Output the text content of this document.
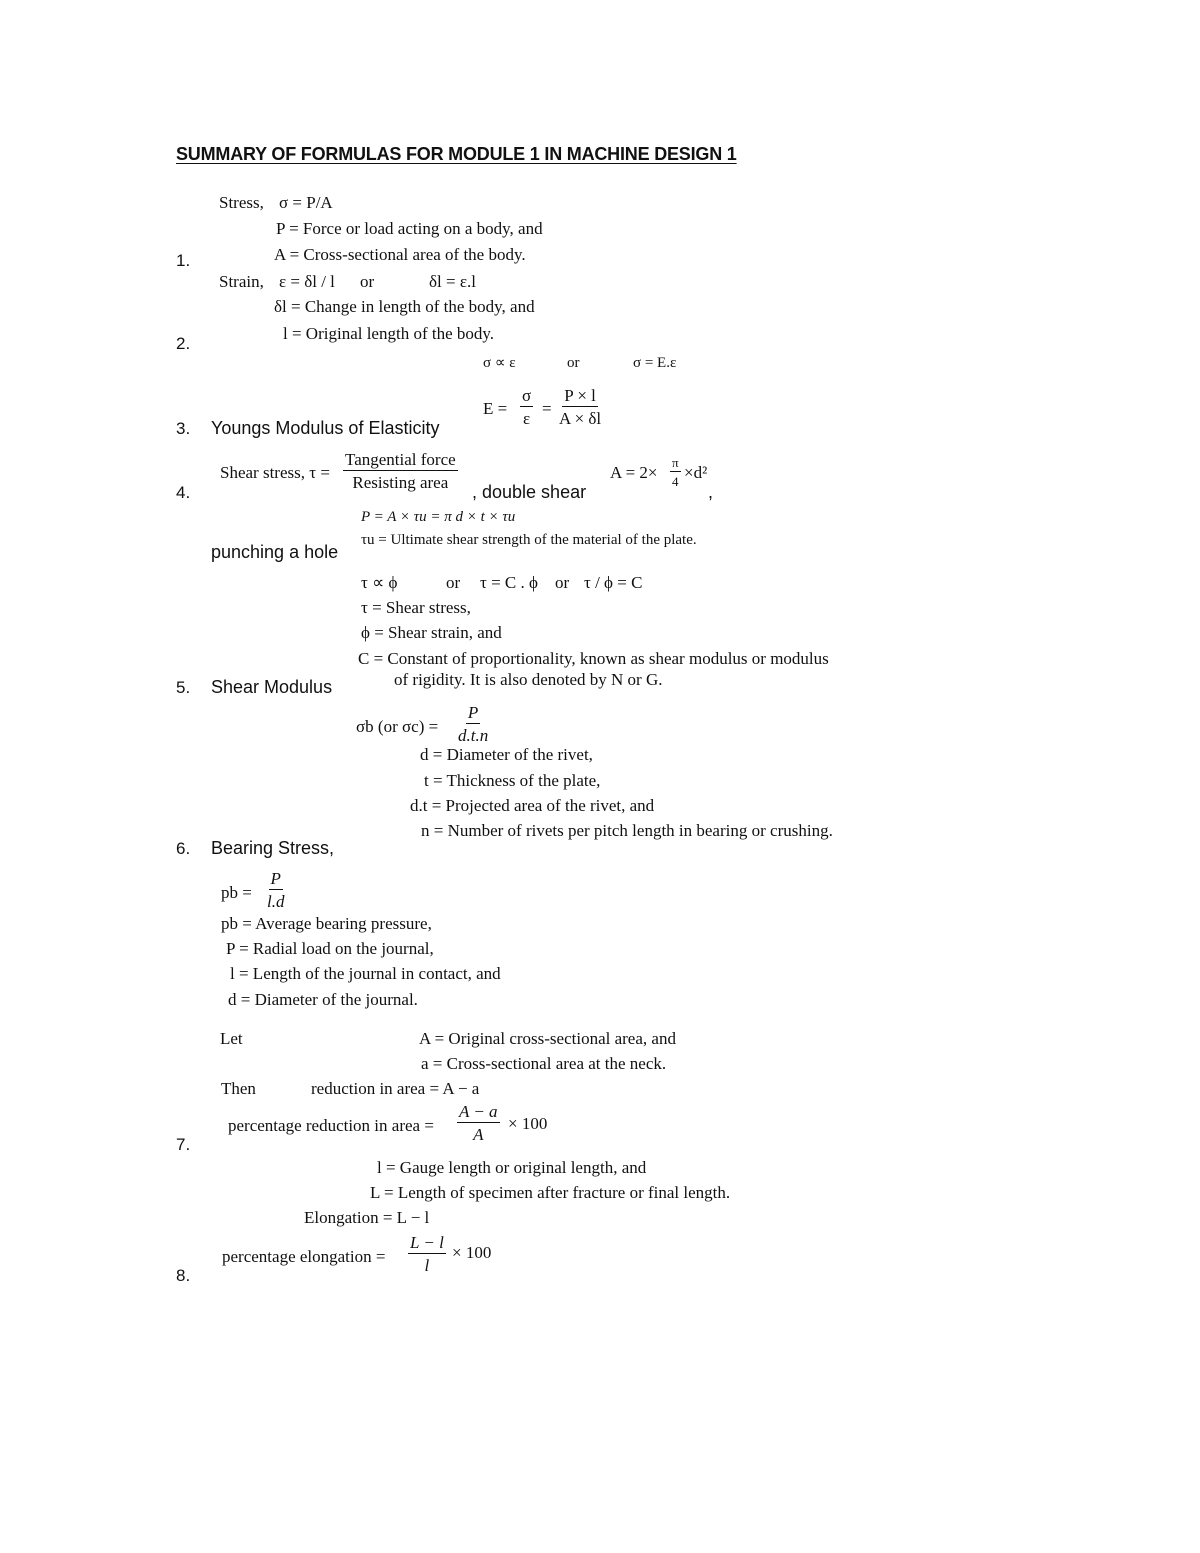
SUMMARY OF FORMULAS FOR MODULE 1 IN MACHINE DESIGN 1
1.
2.
3.
4.
5.
6.
7.
8.
Youngs Modulus of Elasticity
, double shear	,
punching a hole
Shear Modulus
Bearing Stress,
Stress, σ = P/A
P = Force or load acting on a body, and
A = Cross-sectional area of the body.
Strain, ε = δl / l or	δl = ε.l
δl = Change in length of the body, and
l = Original length of the body.
σ ∝ ε	or	σ = E.ε
$E = \frac{\sigma}{\varepsilon} = \frac{P \times l}{A \times \delta l}$
Shear stress, τ =
Tangential force
Resisting area
$A = 2\times \frac{\pi}{4} \times d^2$
P = A × τu = π d × t × τu
τu = Ultimate shear strength of the material of the plate.
τ ∝ ϕ	or τ = C . ϕ or τ / ϕ = C
τ = Shear stress,
ϕ = Shear strain, and
C = Constant of proportionality, known as shear modulus or modulus
of rigidity. It is also denoted by N or G.
σb (or $\sigma c) = \frac{P}{d.t.n}$
d = Diameter of the rivet,
t = Thickness of the plate,
d.t = Projected area of the rivet, and
n = Number of rivets per pitch length in bearing or crushing.
pb = $\frac{P}{l.d}$
pb = Average bearing pressure,
P = Radial load on the journal,
l = Length of the journal in contact, and
d = Diameter of the journal.
Let	A = Original cross-sectional area, and
a = Cross-sectional area at the neck.
Then	reduction in area = A − a
percentage reduction in area = $\frac{A - a}{A} \times 100$
l = Gauge length or original length, and
L = Length of specimen after fracture or final length.
Elongation = L − l
percentage elongation = $\frac{L - l}{l} \times 100$
